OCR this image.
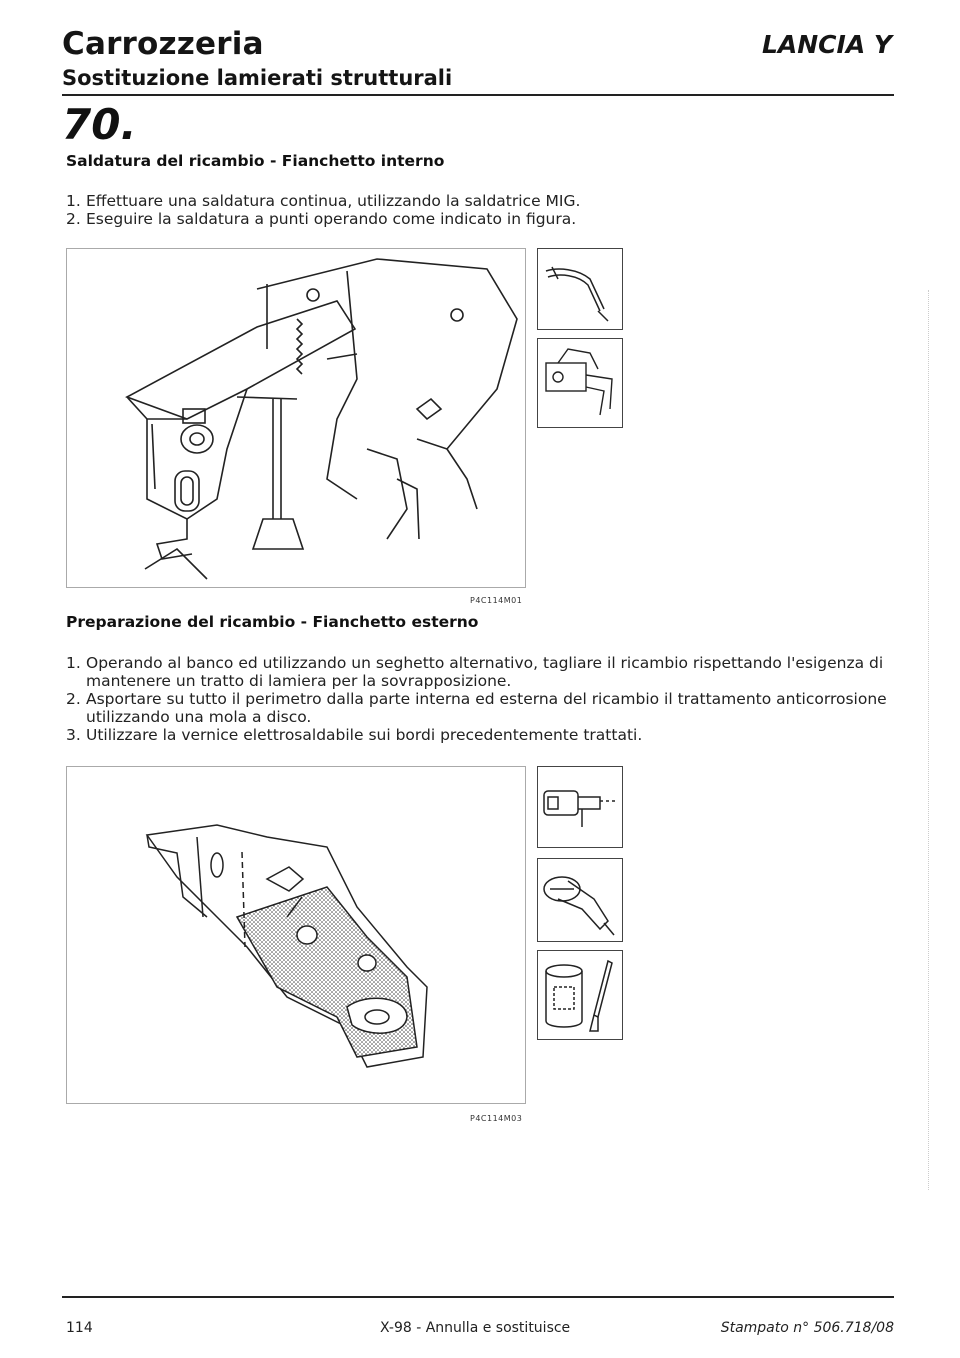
Carrozzeria	LANCIA Y
Sostituzione lamierati strutturali
70.
Saldatura del ricambio - Fianchetto interno
1. Effettuare una saldatura continua, utilizzando la saldatrice MIG.
2. Eseguire la saldatura a punti operando come indicato in figura.
P4C114M01
Preparazione del ricambio - Fianchetto esterno
1. Operando al banco ed utilizzando un seghetto alternativo, tagliare il ricambio rispettando l'esigenza di mantenere un tratto di lamiera per la sovrapposizione.
2. Asportare su tutto il perimetro dalla parte interna ed esterna del ricambio il trattamento anticorrosione utilizzando una mola a disco.
3. Utilizzare la vernice elettrosaldabile sui bordi precedentemente trattati.
P4C114M03
114	X-98 - Annulla e sostituisce	Stampato n° 506.718/08
